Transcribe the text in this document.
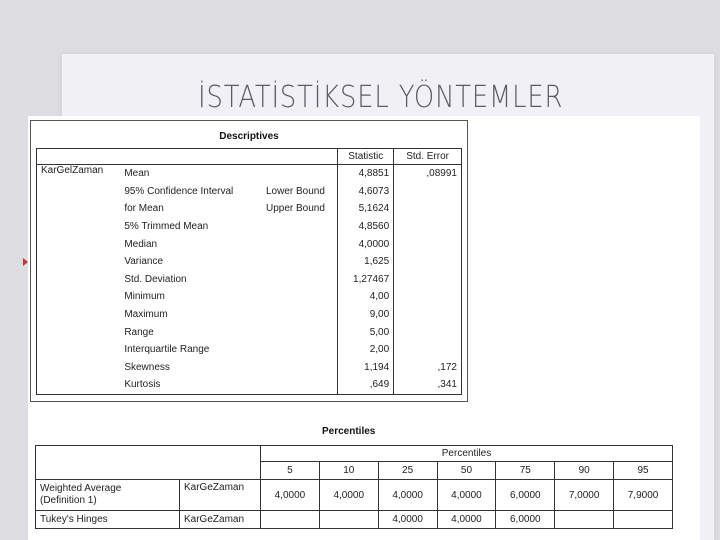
İSTATİSTİKSEL YÖNTEMLER
Descriptives
			Statistic	Std. Error
KarGelZaman	Mean		4,8851	,08991
	95% Confidence Interval	Lower Bound	4,6073	
	for Mean	Upper Bound	5,1624	
	5% Trimmed Mean		4,8560	
	Median		4,0000	
	Variance		1,625	
	Std. Deviation		1,27467	
	Minimum		4,00	
	Maximum		9,00	
	Range		5,00	
	Interquartile Range		2,00	
	Skewness		1,194	,172
	Kurtosis		,649	,341
Percentiles
		Percentiles						
		5	10	25	50	75	90	95

Weighted Average
(Definition 1)	KarGeZaman	4,0000	4,0000	4,0000	4,0000	6,0000	7,0000	7,9000
Tukey's Hinges	KarGeZaman			4,0000	4,0000	6,0000		
